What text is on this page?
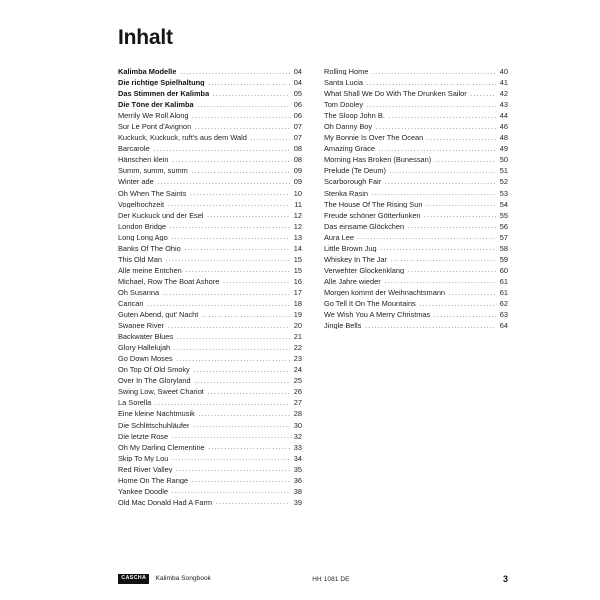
Inhalt
Kalimba Modelle .....	04
Die richtige Spielhaltung .....	04
Das Stimmen der Kalimba .....	05
Die Töne der Kalimba .....	06
Merrily We Roll Along .....	06
Sur Le Pont d'Avignon .....	07
Kuckuck, Kuckuck, ruft's aus dem Wald .....	07
Barcarole .....	08
Hänschen klein .....	08
Summ, summ, summ .....	09
Winter ade .....	09
Oh When The Saints .....	10
Vogelhochzeit .....	11
Der Kuckuck und der Esel .....	12
London Bridge .....	12
Long Long Ago .....	13
Banks Of The Ohio .....	14
This Old Man .....	15
Alle meine Entchen .....	15
Michael, Row The Boat Ashore .....	16
Oh Susanna .....	17
Cancan .....	18
Guten Abend, gut' Nacht .....	19
Swanee River .....	20
Backwater Blues .....	21
Glory Hallelujah .....	22
Go Down Moses .....	23
On Top Of Old Smoky .....	24
Over In The Gloryland .....	25
Swing Low, Sweet Chariot .....	26
La Sorella .....	27
Eine kleine Nachtmusik .....	28
Die Schlittschuhläufer .....	30
Die letzte Rose .....	32
Oh My Darling Clementine .....	33
Skip To My Lou .....	34
Red River Valley .....	35
Home On The Range .....	36
Yankee Doodle .....	38
Old Mac Donald Had A Farm .....	39
Rolling Home .....	40
Santa Lucia .....	41
What Shall We Do With The Drunken Sailor .....	42
Tom Dooley .....	43
The Sloop John B. .....	44
Oh Danny Boy .....	46
My Bonnie Is Over The Ocean .....	48
Amazing Grace .....	49
Morning Has Broken (Bunessan) .....	50
Prelude (Te Deum) .....	51
Scarborough Fair .....	52
Stenka Rasin .....	53
The House Of The Rising Sun .....	54
Freude schöner Götterfunken .....	55
Das einsame Glöckchen .....	56
Aura Lee .....	57
Little Brown Jug .....	58
Whiskey In The Jar .....	59
Verwehter Glockenklang .....	60
Alle Jahre wieder .....	61
Morgen kommt der Weihnachtsmann .....	61
Go Tell It On The Mountains .....	62
We Wish You A Merry Christmas .....	63
Jingle Bells .....	64
CASCHA	Kalimba Songbook	HH 1081 DE	3
